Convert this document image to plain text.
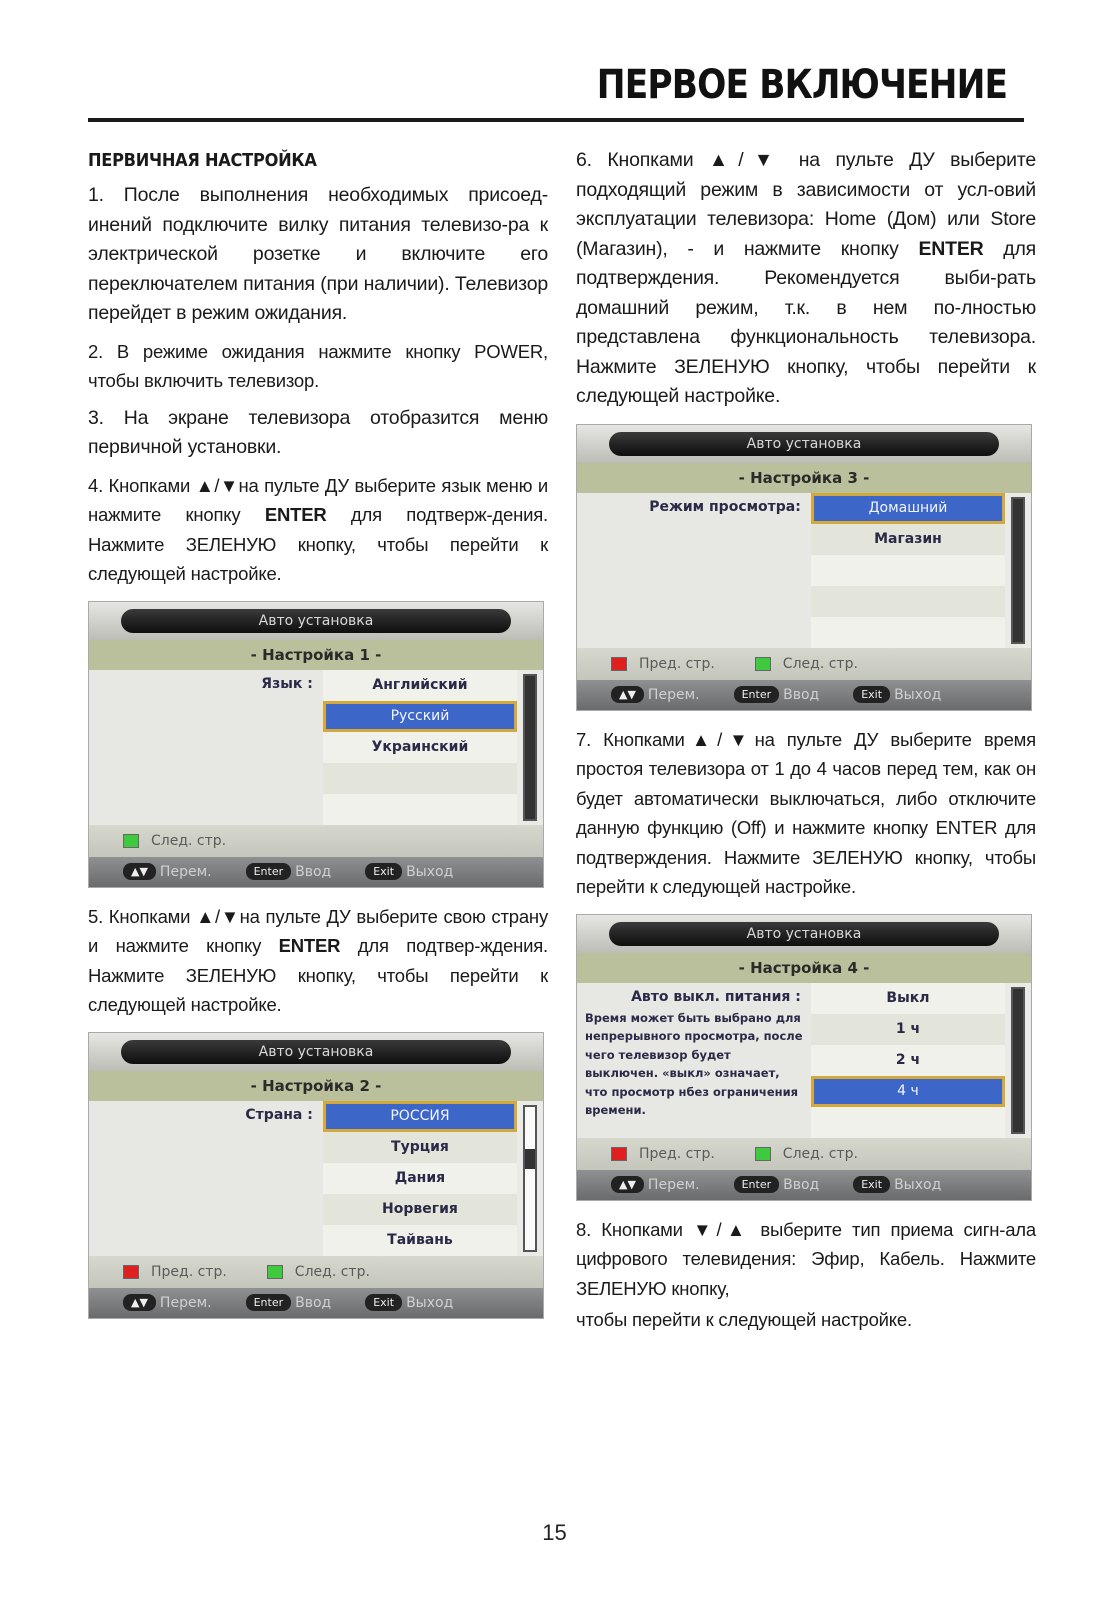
ПЕРВОЕ ВКЛЮЧЕНИЕ
ПЕРВИЧНАЯ НАСТРОЙКА

1. После выполнения необходимых присоед-инений подключите вилку питания телевизо-ра к электрической розетке и включите его переключателем питания (при наличии). Телевизор перейдет в режим ожидания.

2. В режиме ожидания нажмите кнопку POWER, чтобы включить телевизор.

3. На экране телевизора отобразится меню первичной установки.

4. Кнопками ▲/▼на пульте ДУ выберите язык меню и нажмите кнопку ENTER для подтверж-дения. Нажмите ЗЕЛЕНУЮ кнопку, чтобы перейти к следующей настройке.

Авто установка
- Настройка 1 -
Язык :	Английский
Русский
Украинский
След. стр.
▲▼ Перем.	Enter Ввод	Exit Выход

5. Кнопками ▲/▼на пульте ДУ выберите свою страну и нажмите кнопку ENTER для подтвер-ждения. Нажмите ЗЕЛЕНУЮ кнопку, чтобы перейти к следующей настройке.

Авто установка
- Настройка 2 -
Страна :	РОССИЯ
Турция
Дания
Норвегия
Тайвань
Пред. стр.	След. стр.
▲▼ Перем.	Enter Ввод	Exit Выход

6. Кнопками ▲/▼ на пульте ДУ выберите подходящий режим в зависимости от усл-овий эксплуатации телевизора: Home (Дом) или Store (Магазин), - и нажмите кнопку ENTER для подтверждения. Рекомендуется выби-рать домашний режим, т.к. в нем по-лностью представлена функциональность телевизора. Нажмите ЗЕЛЕНУЮ кнопку, чтобы перейти к следующей настройке.

Авто установка
- Настройка 3 -
Режим просмотра:	Домашний
Магазин
Пред. стр.	След. стр.
▲▼ Перем.	Enter Ввод	Exit Выход

7. Кнопками▲/▼на пульте ДУ выберите время простоя телевизора от 1 до 4 часов перед тем, как он будет автоматически выключаться, либо отключите данную функцию (Off) и нажмите кнопку ENTER для подтверждения. Нажмите ЗЕЛЕНУЮ кнопку, чтобы перейти к следующей настройке.

Авто установка
- Настройка 4 -
Авто выкл. питания :
Время может быть выбрано для непрерывного просмотра, после чего телевизор будет выключен. «выкл» означает, что просмотр нбез ограничения времени.
Выкл
1 ч
2 ч
4 ч
Пред. стр.	След. стр.
▲▼ Перем.	Enter Ввод	Exit Выход

8. Кнопками ▼/▲ выберите тип приема сигн-ала цифрового телевидения: Эфир, Кабель. Нажмите ЗЕЛЕНУЮ кнопку,

чтобы перейти к следующей настройке.

15
